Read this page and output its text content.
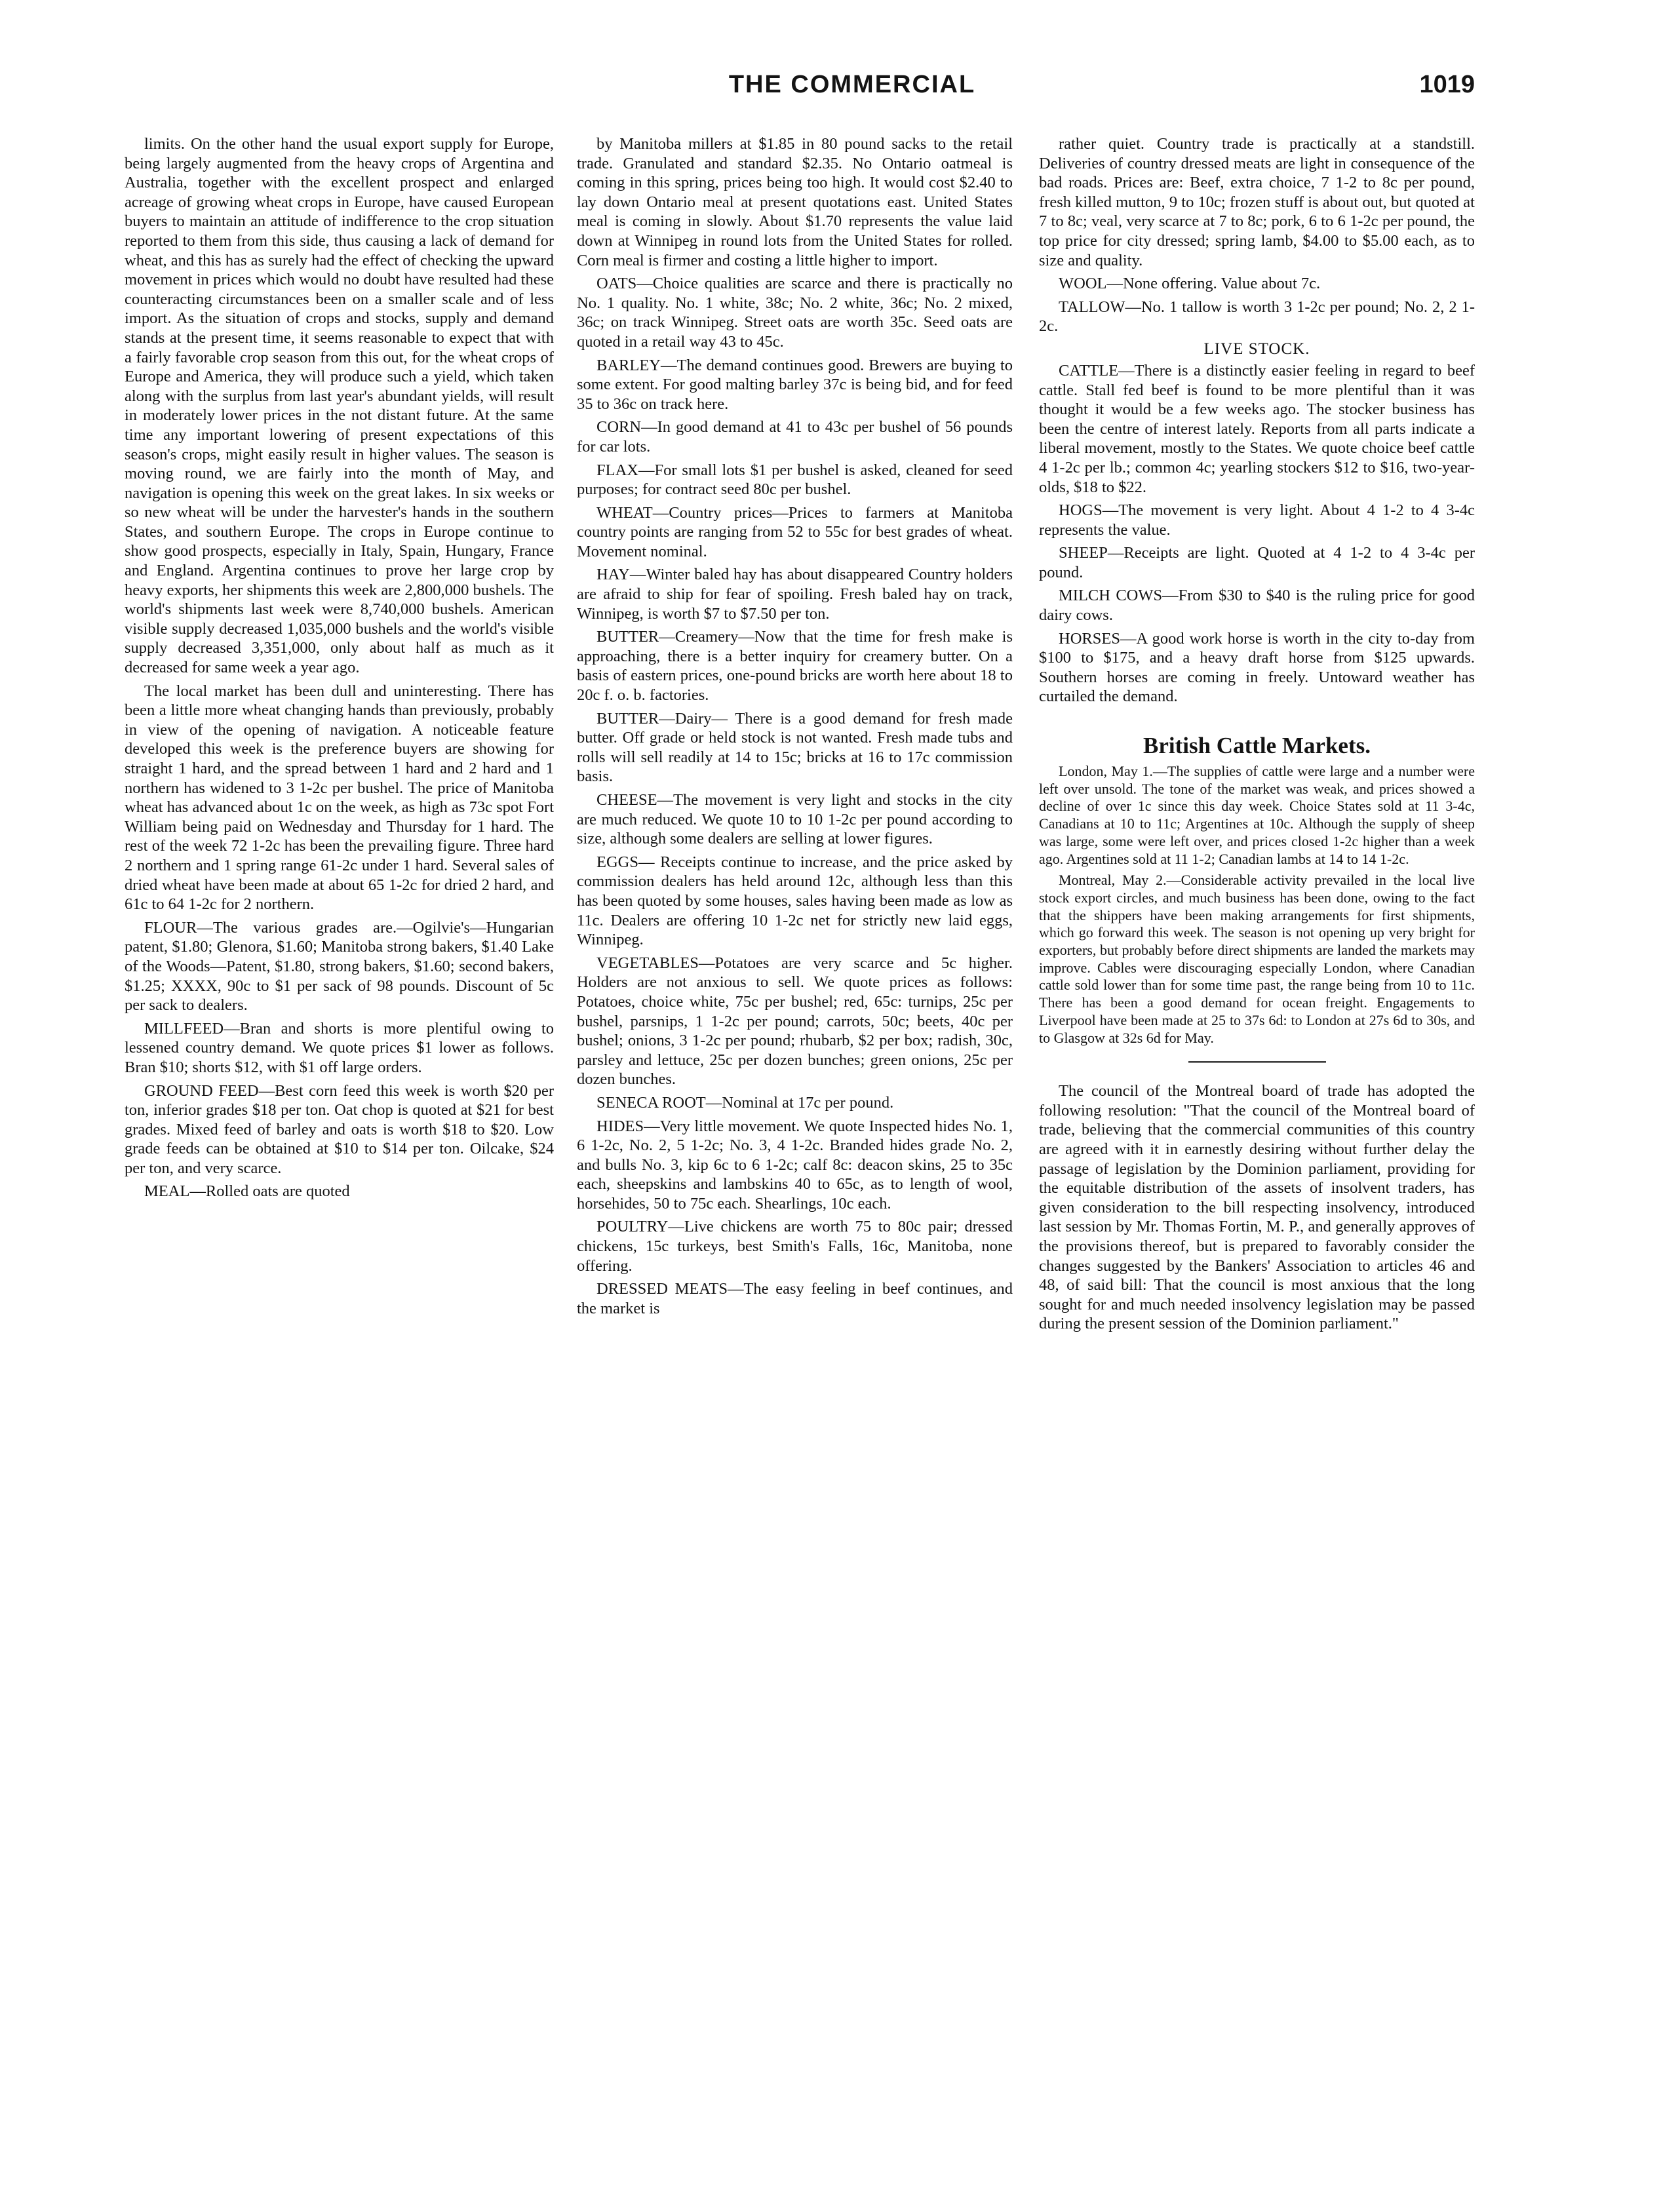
THE COMMERCIAL	1019

limits. On the other hand the usual export supply for Europe, being largely augmented from the heavy crops of Argentina and Australia, together with the excellent prospect and enlarged acreage of growing wheat crops in Europe, have caused European buyers to maintain an attitude of indifference to the crop situation reported to them from this side, thus causing a lack of demand for wheat, and this has as surely had the effect of checking the upward movement in prices which would no doubt have resulted had these counteracting circumstances been on a smaller scale and of less import. As the situation of crops and stocks, supply and demand stands at the present time, it seems reasonable to expect that with a fairly favorable crop season from this out, for the wheat crops of Europe and America, they will produce such a yield, which taken along with the surplus from last year's abundant yields, will result in moderately lower prices in the not distant future. At the same time any important lowering of present expectations of this season's crops, might easily result in higher values. The season is moving round, we are fairly into the month of May, and navigation is opening this week on the great lakes. In six weeks or so new wheat will be under the harvester's hands in the southern States, and southern Europe. The crops in Europe continue to show good prospects, especially in Italy, Spain, Hungary, France and England. Argentina continues to prove her large crop by heavy exports, her shipments this week are 2,800,000 bushels. The world's shipments last week were 8,740,000 bushels. American visible supply decreased 1,035,000 bushels and the world's visible supply decreased 3,351,000, only about half as much as it decreased for same week a year ago.

The local market has been dull and uninteresting. There has been a little more wheat changing hands than previously, probably in view of the opening of navigation. A noticeable feature developed this week is the preference buyers are showing for straight 1 hard, and the spread between 1 hard and 2 hard and 1 northern has widened to 3 1-2c per bushel. The price of Manitoba wheat has advanced about 1c on the week, as high as 73c spot Fort William being paid on Wednesday and Thursday for 1 hard. The rest of the week 72 1-2c has been the prevailing figure. Three hard 2 northern and 1 spring range 61-2c under 1 hard. Several sales of dried wheat have been made at about 65 1-2c for dried 2 hard, and 61c to 64 1-2c for 2 northern.

FLOUR—The various grades are.—Ogilvie's—Hungarian patent, $1.80; Glenora, $1.60; Manitoba strong bakers, $1.40 Lake of the Woods—Patent, $1.80, strong bakers, $1.60; second bakers, $1.25; XXXX, 90c to $1 per sack of 98 pounds. Discount of 5c per sack to dealers.

MILLFEED—Bran and shorts is more plentiful owing to lessened country demand. We quote prices $1 lower as follows. Bran $10; shorts $12, with $1 off large orders.

GROUND FEED—Best corn feed this week is worth $20 per ton, inferior grades $18 per ton. Oat chop is quoted at $21 for best grades. Mixed feed of barley and oats is worth $18 to $20. Low grade feeds can be obtained at $10 to $14 per ton. Oilcake, $24 per ton, and very scarce.

MEAL—Rolled oats are quoted

by Manitoba millers at $1.85 in 80 pound sacks to the retail trade. Granulated and standard $2.35. No Ontario oatmeal is coming in this spring, prices being too high. It would cost $2.40 to lay down Ontario meal at present quotations east. United States meal is coming in slowly. About $1.70 represents the value laid down at Winnipeg in round lots from the United States for rolled. Corn meal is firmer and costing a little higher to import.

OATS—Choice qualities are scarce and there is practically no No. 1 quality. No. 1 white, 38c; No. 2 white, 36c; No. 2 mixed, 36c; on track Winnipeg. Street oats are worth 35c. Seed oats are quoted in a retail way 43 to 45c.

BARLEY—The demand continues good. Brewers are buying to some extent. For good malting barley 37c is being bid, and for feed 35 to 36c on track here.

CORN—In good demand at 41 to 43c per bushel of 56 pounds for car lots.

FLAX—For small lots $1 per bushel is asked, cleaned for seed purposes; for contract seed 80c per bushel.

WHEAT—Country prices—Prices to farmers at Manitoba country points are ranging from 52 to 55c for best grades of wheat. Movement nominal.

HAY—Winter baled hay has about disappeared Country holders are afraid to ship for fear of spoiling. Fresh baled hay on track, Winnipeg, is worth $7 to $7.50 per ton.

BUTTER—Creamery—Now that the time for fresh make is approaching, there is a better inquiry for creamery butter. On a basis of eastern prices, one-pound bricks are worth here about 18 to 20c f. o. b. factories.

BUTTER—Dairy— There is a good demand for fresh made butter. Off grade or held stock is not wanted. Fresh made tubs and rolls will sell readily at 14 to 15c; bricks at 16 to 17c commission basis.

CHEESE—The movement is very light and stocks in the city are much reduced. We quote 10 to 10 1-2c per pound according to size, although some dealers are selling at lower figures.

EGGS— Receipts continue to increase, and the price asked by commission dealers has held around 12c, although less than this has been quoted by some houses, sales having been made as low as 11c. Dealers are offering 10 1-2c net for strictly new laid eggs, Winnipeg.

VEGETABLES—Potatoes are very scarce and 5c higher. Holders are not anxious to sell. We quote prices as follows: Potatoes, choice white, 75c per bushel; red, 65c: turnips, 25c per bushel, parsnips, 1 1-2c per pound; carrots, 50c; beets, 40c per bushel; onions, 3 1-2c per pound; rhubarb, $2 per box; radish, 30c, parsley and lettuce, 25c per dozen bunches; green onions, 25c per dozen bunches.

SENECA ROOT—Nominal at 17c per pound.

HIDES—Very little movement. We quote Inspected hides No. 1, 6 1-2c, No. 2, 5 1-2c; No. 3, 4 1-2c. Branded hides grade No. 2, and bulls No. 3, kip 6c to 6 1-2c; calf 8c: deacon skins, 25 to 35c each, sheepskins and lambskins 40 to 65c, as to length of wool, horsehides, 50 to 75c each. Shearlings, 10c each.

POULTRY—Live chickens are worth 75 to 80c pair; dressed chickens, 15c turkeys, best Smith's Falls, 16c, Manitoba, none offering.

DRESSED MEATS—The easy feeling in beef continues, and the market is

rather quiet. Country trade is practically at a standstill. Deliveries of country dressed meats are light in consequence of the bad roads. Prices are: Beef, extra choice, 7 1-2 to 8c per pound, fresh killed mutton, 9 to 10c; frozen stuff is about out, but quoted at 7 to 8c; veal, very scarce at 7 to 8c; pork, 6 to 6 1-2c per pound, the top price for city dressed; spring lamb, $4.00 to $5.00 each, as to size and quality.

WOOL—None offering. Value about 7c.

TALLOW—No. 1 tallow is worth 3 1-2c per pound; No. 2, 2 1-2c.

LIVE STOCK.

CATTLE—There is a distinctly easier feeling in regard to beef cattle. Stall fed beef is found to be more plentiful than it was thought it would be a few weeks ago. The stocker business has been the centre of interest lately. Reports from all parts indicate a liberal movement, mostly to the States. We quote choice beef cattle 4 1-2c per lb.; common 4c; yearling stockers $12 to $16, two-year-olds, $18 to $22.

HOGS—The movement is very light. About 4 1-2 to 4 3-4c represents the value.

SHEEP—Receipts are light. Quoted at 4 1-2 to 4 3-4c per pound.

MILCH COWS—From $30 to $40 is the ruling price for good dairy cows.

HORSES—A good work horse is worth in the city to-day from $100 to $175, and a heavy draft horse from $125 upwards. Southern horses are coming in freely. Untoward weather has curtailed the demand.

British Cattle Markets.

London, May 1.—The supplies of cattle were large and a number were left over unsold. The tone of the market was weak, and prices showed a decline of over 1c since this day week. Choice States sold at 11 3-4c, Canadians at 10 to 11c; Argentines at 10c. Although the supply of sheep was large, some were left over, and prices closed 1-2c higher than a week ago. Argentines sold at 11 1-2; Canadian lambs at 14 to 14 1-2c.

Montreal, May 2.—Considerable activity prevailed in the local live stock export circles, and much business has been done, owing to the fact that the shippers have been making arrangements for first shipments, which go forward this week. The season is not opening up very bright for exporters, but probably before direct shipments are landed the markets may improve. Cables were discouraging especially London, where Canadian cattle sold lower than for some time past, the range being from 10 to 11c. There has been a good demand for ocean freight. Engagements to Liverpool have been made at 25 to 37s 6d: to London at 27s 6d to 30s, and to Glasgow at 32s 6d for May.

The council of the Montreal board of trade has adopted the following resolution: "That the council of the Montreal board of trade, believing that the commercial communities of this country are agreed with it in earnestly desiring without further delay the passage of legislation by the Dominion parliament, providing for the equitable distribution of the assets of insolvent traders, has given consideration to the bill respecting insolvency, introduced last session by Mr. Thomas Fortin, M. P., and generally approves of the provisions thereof, but is prepared to favorably consider the changes suggested by the Bankers' Association to articles 46 and 48, of said bill: That the council is most anxious that the long sought for and much needed insolvency legislation may be passed during the present session of the Dominion parliament."
